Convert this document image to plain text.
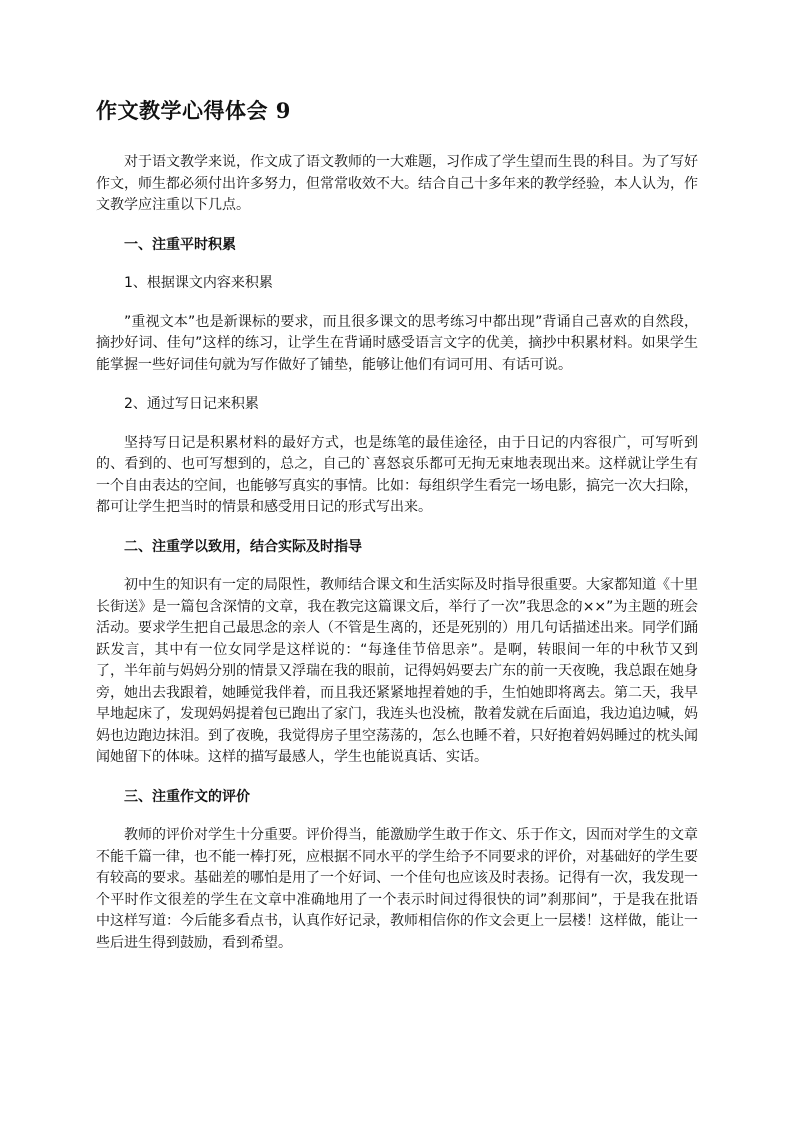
作文教学心得体会 9

对于语文教学来说，作文成了语文教师的一大难题，习作成了学生望而生畏的科目。为了写好作文，师生都必须付出许多努力，但常常收效不大。结合自己十多年来的教学经验，本人认为，作文教学应注重以下几点。

一、注重平时积累

1、根据课文内容来积累

”重视文本”也是新课标的要求，而且很多课文的思考练习中都出现”背诵自己喜欢的自然段，摘抄好词、佳句”这样的练习，让学生在背诵时感受语言文字的优美，摘抄中积累材料。如果学生能掌握一些好词佳句就为写作做好了铺垫，能够让他们有词可用、有话可说。

2、通过写日记来积累

坚持写日记是积累材料的最好方式，也是练笔的最佳途径，由于日记的内容很广，可写听到的、看到的、也可写想到的，总之，自己的`喜怒哀乐都可无拘无束地表现出来。这样就让学生有一个自由表达的空间，也能够写真实的事情。比如：每组织学生看完一场电影，搞完一次大扫除，都可让学生把当时的情景和感受用日记的形式写出来。

二、注重学以致用，结合实际及时指导

初中生的知识有一定的局限性，教师结合课文和生活实际及时指导很重要。大家都知道《十里长街送》是一篇包含深情的文章，我在教完这篇课文后，举行了一次”我思念的××”为主题的班会活动。要求学生把自己最思念的亲人（不管是生离的，还是死别的）用几句话描述出来。同学们踊跃发言，其中有一位女同学是这样说的：“每逢佳节倍思亲”。是啊，转眼间一年的中秋节又到了，半年前与妈妈分别的情景又浮瑞在我的眼前，记得妈妈要去广东的前一天夜晚，我总跟在她身旁，她出去我跟着，她睡觉我伴着，而且我还紧紧地捏着她的手，生怕她即将离去。第二天，我早早地起床了，发现妈妈提着包已跑出了家门，我连头也没梳，散着发就在后面追，我边追边喊，妈妈也边跑边抹泪。到了夜晚，我觉得房子里空荡荡的，怎么也睡不着，只好抱着妈妈睡过的枕头闻闻她留下的体味。这样的描写最感人，学生也能说真话、实话。

三、注重作文的评价

教师的评价对学生十分重要。评价得当，能激励学生敢于作文、乐于作文，因而对学生的文章不能千篇一律，也不能一棒打死，应根据不同水平的学生给予不同要求的评价，对基础好的学生要有较高的要求。基础差的哪怕是用了一个好词、一个佳句也应该及时表扬。记得有一次，我发现一个平时作文很差的学生在文章中准确地用了一个表示时间过得很快的词”刹那间”，于是我在批语中这样写道：今后能多看点书，认真作好记录，教师相信你的作文会更上一层楼！这样做，能让一些后进生得到鼓励，看到希望。
